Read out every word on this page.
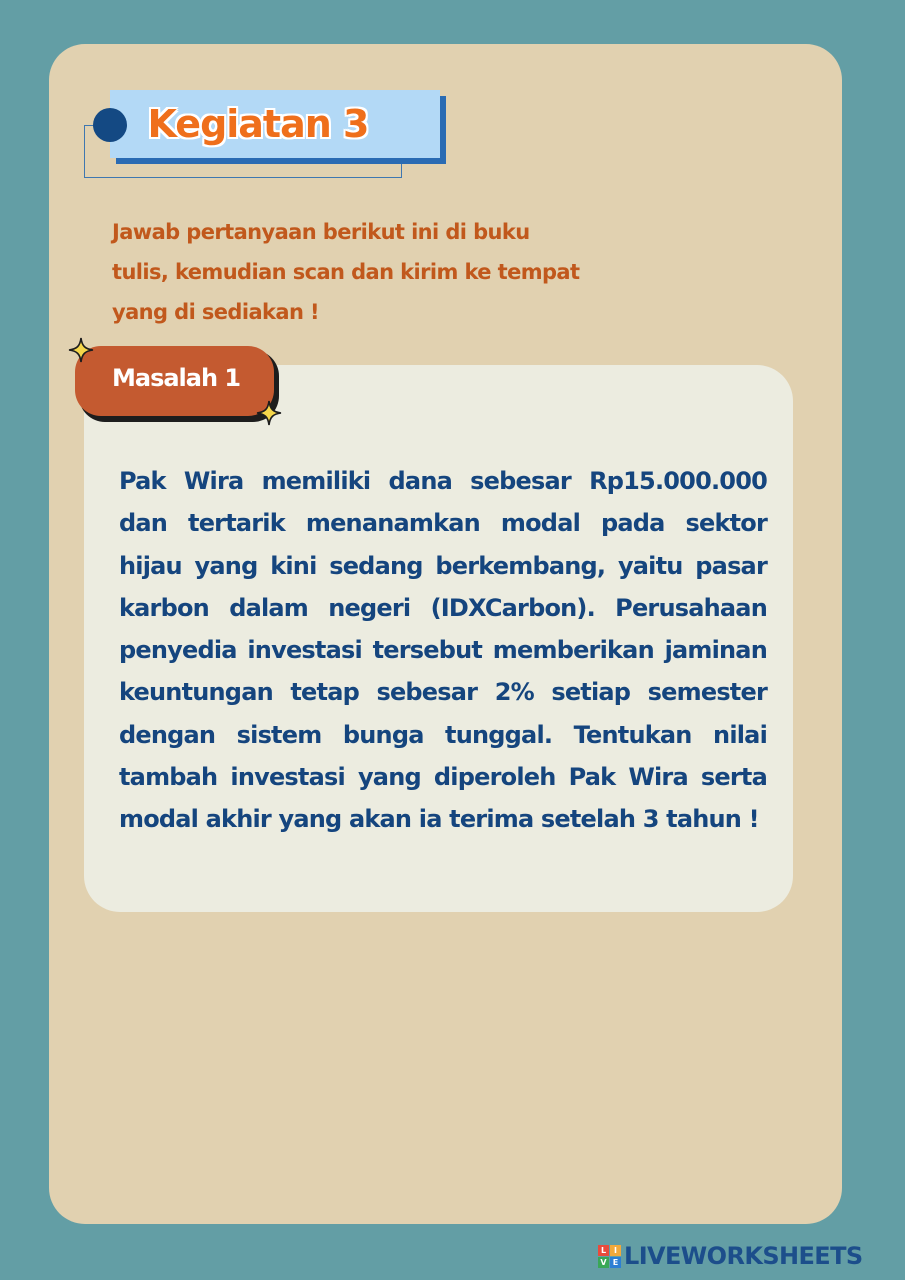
Kegiatan 3
Jawab pertanyaan berikut ini di buku
tulis, kemudian scan dan kirim ke tempat
yang di sediakan !
Masalah 1
Pak Wira memiliki dana sebesar Rp15.000.000
dan tertarik menanamkan modal pada sektor
hijau yang kini sedang berkembang, yaitu pasar
karbon dalam negeri (IDXCarbon). Perusahaan
penyedia investasi tersebut memberikan jaminan
keuntungan tetap sebesar 2% setiap semester
dengan sistem bunga tunggal. Tentukan nilai
tambah investasi yang diperoleh Pak Wira serta
modal akhir yang akan ia terima setelah 3 tahun !
L I
V E LIVEWORKSHEETS
